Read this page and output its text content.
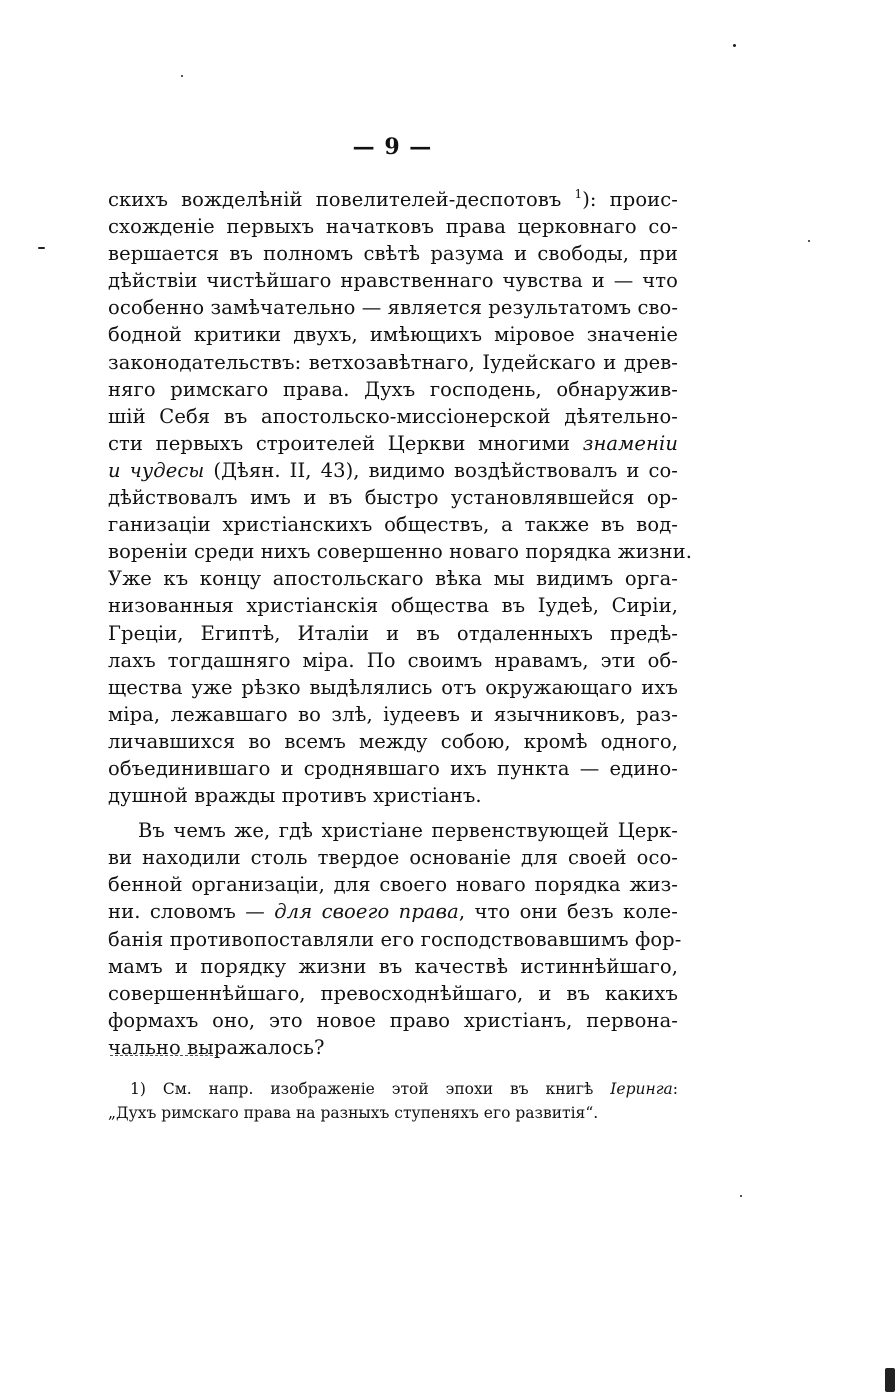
— 9 —
скихъ вожделѣній повелителей-деспотовъ $^1$): проис-
схожденіе первыхъ начатковъ права церковнаго со-
вершается въ полномъ свѣтѣ разума и свободы, при
дѣйствіи чистѣйшаго нравственнаго чувства и — что
особенно замѣчательно — является результатомъ сво-
бодной критики двухъ, имѣющихъ міровое значеніе
законодательствъ: ветхозавѣтнаго, Іудейскаго и древ-
няго римскаго права. Духъ господень, обнаружив-
шій Себя въ апостольско-миссіонерской дѣятельно-
сти первыхъ строителей Церкви многими знаменіи
и чудесы (Дѣян. II, 43), видимо воздѣйствовалъ и со-
дѣйствовалъ имъ и въ быстро установлявшейся ор-
ганизаціи христіанскихъ обществъ, а также въ вод-
вореніи среди нихъ совершенно новаго порядка жизни.
Уже къ концу апостольскаго вѣка мы видимъ орга-
низованныя христіанскія общества въ Іудеѣ, Сиріи,
Греціи, Египтѣ, Италіи и въ отдаленныхъ предѣ-
лахъ тогдашняго міра. По своимъ нравамъ, эти об-
щества уже рѣзко выдѣлялись отъ окружающаго ихъ
міра, лежавшаго во злѣ, іудеевъ и язычниковъ, раз-
личавшихся во всемъ между собою, кромѣ одного,
объединившаго и сроднявшаго ихъ пункта — едино-
душной вражды противъ христіанъ.
Въ чемъ же, гдѣ христіане первенствующей Церк-
ви находили столь твердое основаніе для своей осо-
бенной организаціи, для своего новаго порядка жиз-
ни. словомъ — для своего права, что они безъ коле-
банія противопоставляли его господствовавшимъ фор-
мамъ и порядку жизни въ качествѣ истиннѣйшаго,
совершеннѣйшаго, превосходнѣйшаго, и въ какихъ
формахъ оно, это новое право христіанъ, первона-
чально выражалось?
1) См. напр. изображеніе этой эпохи въ книгѣ Іеринга:
„Духъ римскаго права на разныхъ ступеняхъ его развитія“.
